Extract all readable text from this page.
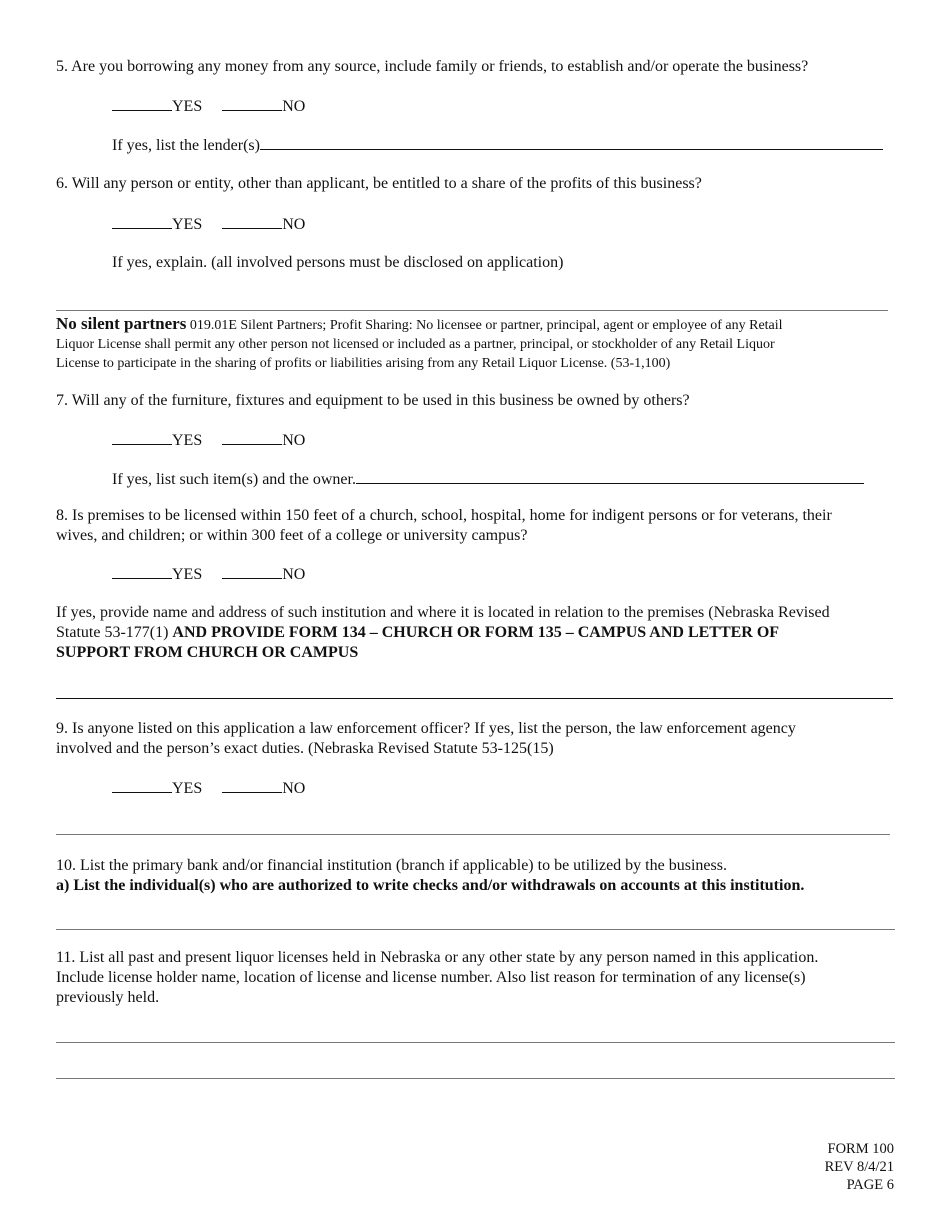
5. Are you borrowing any money from any source, include family or friends, to establish and/or operate the business?
YES	NO
If yes, list the lender(s)
6. Will any person or entity, other than applicant, be entitled to a share of the profits of this business?
YES	NO
If yes, explain. (all involved persons must be disclosed on application)
No silent partners 019.01E Silent Partners; Profit Sharing: No licensee or partner, principal, agent or employee of any Retail
Liquor License shall permit any other person not licensed or included as a partner, principal, or stockholder of any Retail Liquor
License to participate in the sharing of profits or liabilities arising from any Retail Liquor License. (53-1,100)
7. Will any of the furniture, fixtures and equipment to be used in this business be owned by others?
YES	NO
If yes, list such item(s) and the owner.
8. Is premises to be licensed within 150 feet of a church, school, hospital, home for indigent persons or for veterans, their
wives, and children; or within 300 feet of a college or university campus?
YES	NO
If yes, provide name and address of such institution and where it is located in relation to the premises (Nebraska Revised
Statute 53-177(1) AND PROVIDE FORM 134 – CHURCH OR FORM 135 – CAMPUS AND LETTER OF
SUPPORT FROM CHURCH OR CAMPUS
9. Is anyone listed on this application a law enforcement officer? If yes, list the person, the law enforcement agency
involved and the person’s exact duties. (Nebraska Revised Statute 53-125(15)
YES	NO
10. List the primary bank and/or financial institution (branch if applicable) to be utilized by the business.
a) List the individual(s) who are authorized to write checks and/or withdrawals on accounts at this institution.
11. List all past and present liquor licenses held in Nebraska or any other state by any person named in this application.
Include license holder name, location of license and license number. Also list reason for termination of any license(s)
previously held.
FORM 100
REV 8/4/21
PAGE 6
